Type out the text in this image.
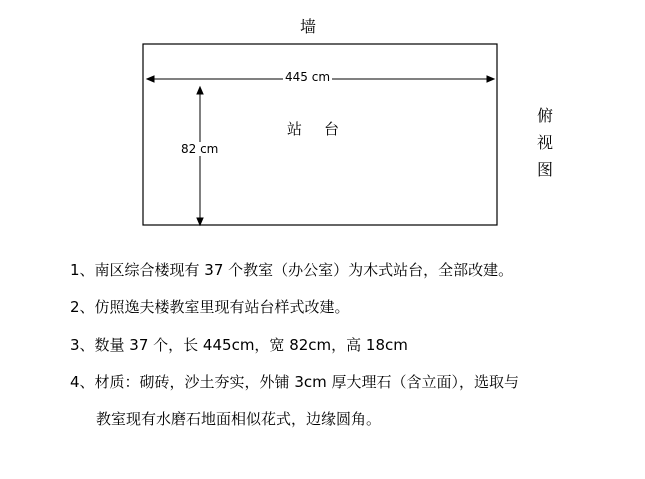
墙
445 cm
82 cm
站台
俯视图
1、南区综合楼现有 37 个教室（办公室）为木式站台，全部改建。
2、仿照逸夫楼教室里现有站台样式改建。
3、数量 37 个，长 445cm，宽 82cm，高 18cm
4、材质：砌砖，沙土夯实，外铺 3cm 厚大理石（含立面），选取与
教室现有水磨石地面相似花式，边缘圆角。
